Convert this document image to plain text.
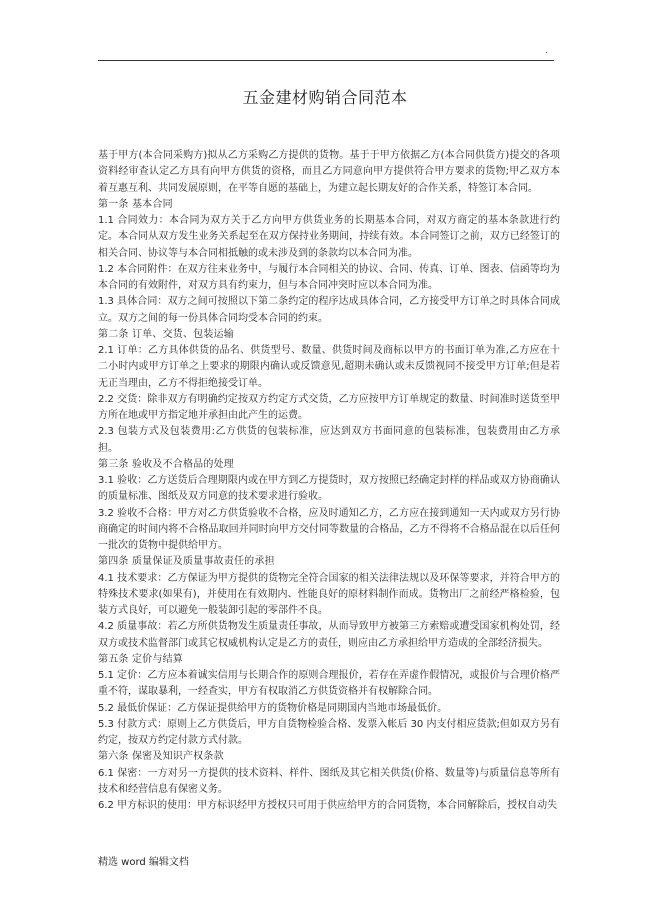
.
五金建材购销合同范本

基于甲方(本合同采购方)拟从乙方采购乙方提供的货物。基于于甲方依据乙方(本合同供货方)提交的各项资料经审查认定乙方具有向甲方供货的资格，而且乙方同意向甲方提供符合甲方要求的货物;甲乙双方本着互惠互利、共同发展原则，在平等自愿的基础上，为建立起长期友好的合作关系，特签订本合同。

第一条 基本合同

1.1 合同效力：本合同为双方关于乙方向甲方供货业务的长期基本合同，对双方商定的基本条款进行约定。本合同从双方发生业务关系起至在双方保持业务期间，持续有效。本合同签订之前，双方已经签订的相关合同、协议等与本合同相抵触的或未涉及到的条款均以本合同为准。

1.2 本合同附件：在双方往来业务中，与履行本合同相关的协议、合同、传真、订单、图表、信函等均为本合同的有效附件，对双方具有约束力，但与本合同冲突时应以本合同为准。

1.3 具体合同：双方之间可按照以下第二条约定的程序达成具体合同，乙方接受甲方订单之时具体合同成立。双方之间的每一份具体合同均受本合同的约束。

第二条 订单、交货、包装运输

2.1 订单：乙方具体供货的品名、供货型号、数量、供货时间及商标以甲方的书面订单为准,乙方应在十二小时内或甲方订单之上要求的期限内确认或反馈意见,超期未确认或未反馈视同不接受甲方订单;但是若无正当理由，乙方不得拒绝接受订单。

2.2 交货：除非双方有明确约定按双方约定方式交货，乙方应按甲方订单规定的数量、时间准时送货至甲方所在地或甲方指定地并承担由此产生的运费。

2.3 包装方式及包装费用:乙方供货的包装标准，应达到双方书面同意的包装标准，包装费用由乙方承担。

第三条 验收及不合格品的处理

3.1 验收：乙方送货后合理期限内或在甲方到乙方提货时，双方按照已经确定封样的样品或双方协商确认的质量标准、图纸及双方同意的技术要求进行验收。

3.2 验收不合格：甲方对乙方供货验收不合格，应及时通知乙方，乙方应在接到通知一天内或双方另行协商确定的时间内将不合格品取回并同时向甲方交付同等数量的合格品，乙方不得将不合格品混在以后任何一批次的货物中提供给甲方。

第四条 质量保证及质量事故责任的承担

4.1 技术要求：乙方保证为甲方提供的货物完全符合国家的相关法律法规以及环保等要求，并符合甲方的特殊技术要求(如果有)，并使用在有效期内、性能良好的原材料制作而成。货物出厂之前经严格检验，包装方式良好，可以避免一般装卸引起的零部件不良。

4.2 质量事故：若乙方所供货物发生质量责任事故，从而导致甲方被第三方索赔或遭受国家机构处罚，经双方或技术监督部门或其它权威机构认定是乙方的责任，则应由乙方承担给甲方造成的全部经济损失。

第五条 定价与结算

5.1 定价：乙方应本着诚实信用与长期合作的原则合理报价，若存在弄虚作假情况，或报价与合理价格严重不符，谋取暴利，一经查实，甲方有权取消乙方供货资格并有权解除合同。

5.2 最低价保证：乙方保证提供给甲方的货物价格是同期国内当地市场最低价。

5.3 付款方式：原则上乙方供货后，甲方自货物检验合格、发票入帐后 30 内支付相应货款;但如双方另有约定，按双方约定付款方式付款。

第六条 保密及知识产权条款

6.1 保密：一方对另一方提供的技术资料、样件、图纸及其它相关供货(价格、数量等)与质量信息等所有技术和经营信息有保密义务。

6.2 甲方标识的使用：甲方标识经甲方授权只可用于供应给甲方的合同货物，本合同解除后，授权自动失

精选 word 编辑文档
